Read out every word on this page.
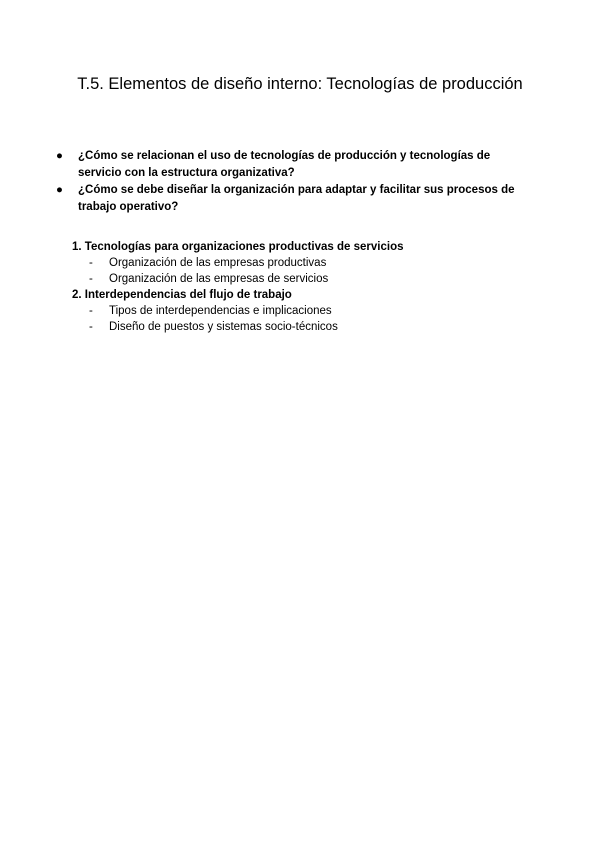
T.5. Elementos de diseño interno: Tecnologías de producción
●	¿Cómo se relacionan el uso de tecnologías de producción y tecnologías de servicio con la estructura organizativa?
●	¿Cómo se debe diseñar la organización para adaptar y facilitar sus procesos de trabajo operativo?
1. Tecnologías para organizaciones productivas de servicios
-	Organización de las empresas productivas
-	Organización de las empresas de servicios
2. Interdependencias del flujo de trabajo
-	Tipos de interdependencias e implicaciones
-	Diseño de puestos y sistemas socio-técnicos
